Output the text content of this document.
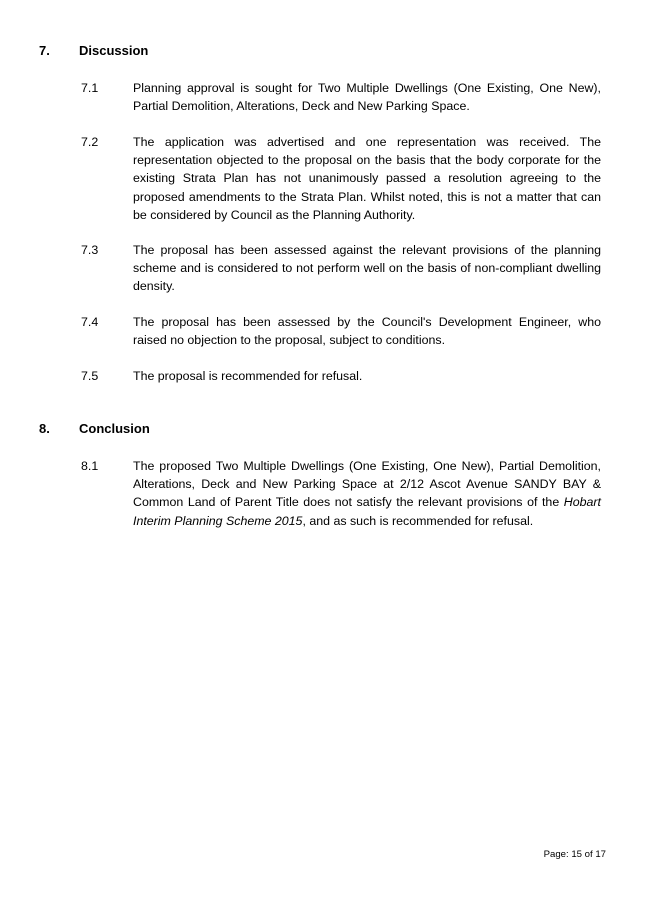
7. Discussion
7.1	Planning approval is sought for Two Multiple Dwellings (One Existing, One New), Partial Demolition, Alterations, Deck and New Parking Space.
7.2	The application was advertised and one representation was received. The representation objected to the proposal on the basis that the body corporate for the existing Strata Plan has not unanimously passed a resolution agreeing to the proposed amendments to the Strata Plan. Whilst noted, this is not a matter that can be considered by Council as the Planning Authority.
7.3	The proposal has been assessed against the relevant provisions of the planning scheme and is considered to not perform well on the basis of non-compliant dwelling density.
7.4	The proposal has been assessed by the Council's Development Engineer, who raised no objection to the proposal, subject to conditions.
7.5	The proposal is recommended for refusal.
8. Conclusion
8.1	The proposed Two Multiple Dwellings (One Existing, One New), Partial Demolition, Alterations, Deck and New Parking Space at 2/12 Ascot Avenue SANDY BAY & Common Land of Parent Title does not satisfy the relevant provisions of the Hobart Interim Planning Scheme 2015, and as such is recommended for refusal.
Page: 15 of 17
